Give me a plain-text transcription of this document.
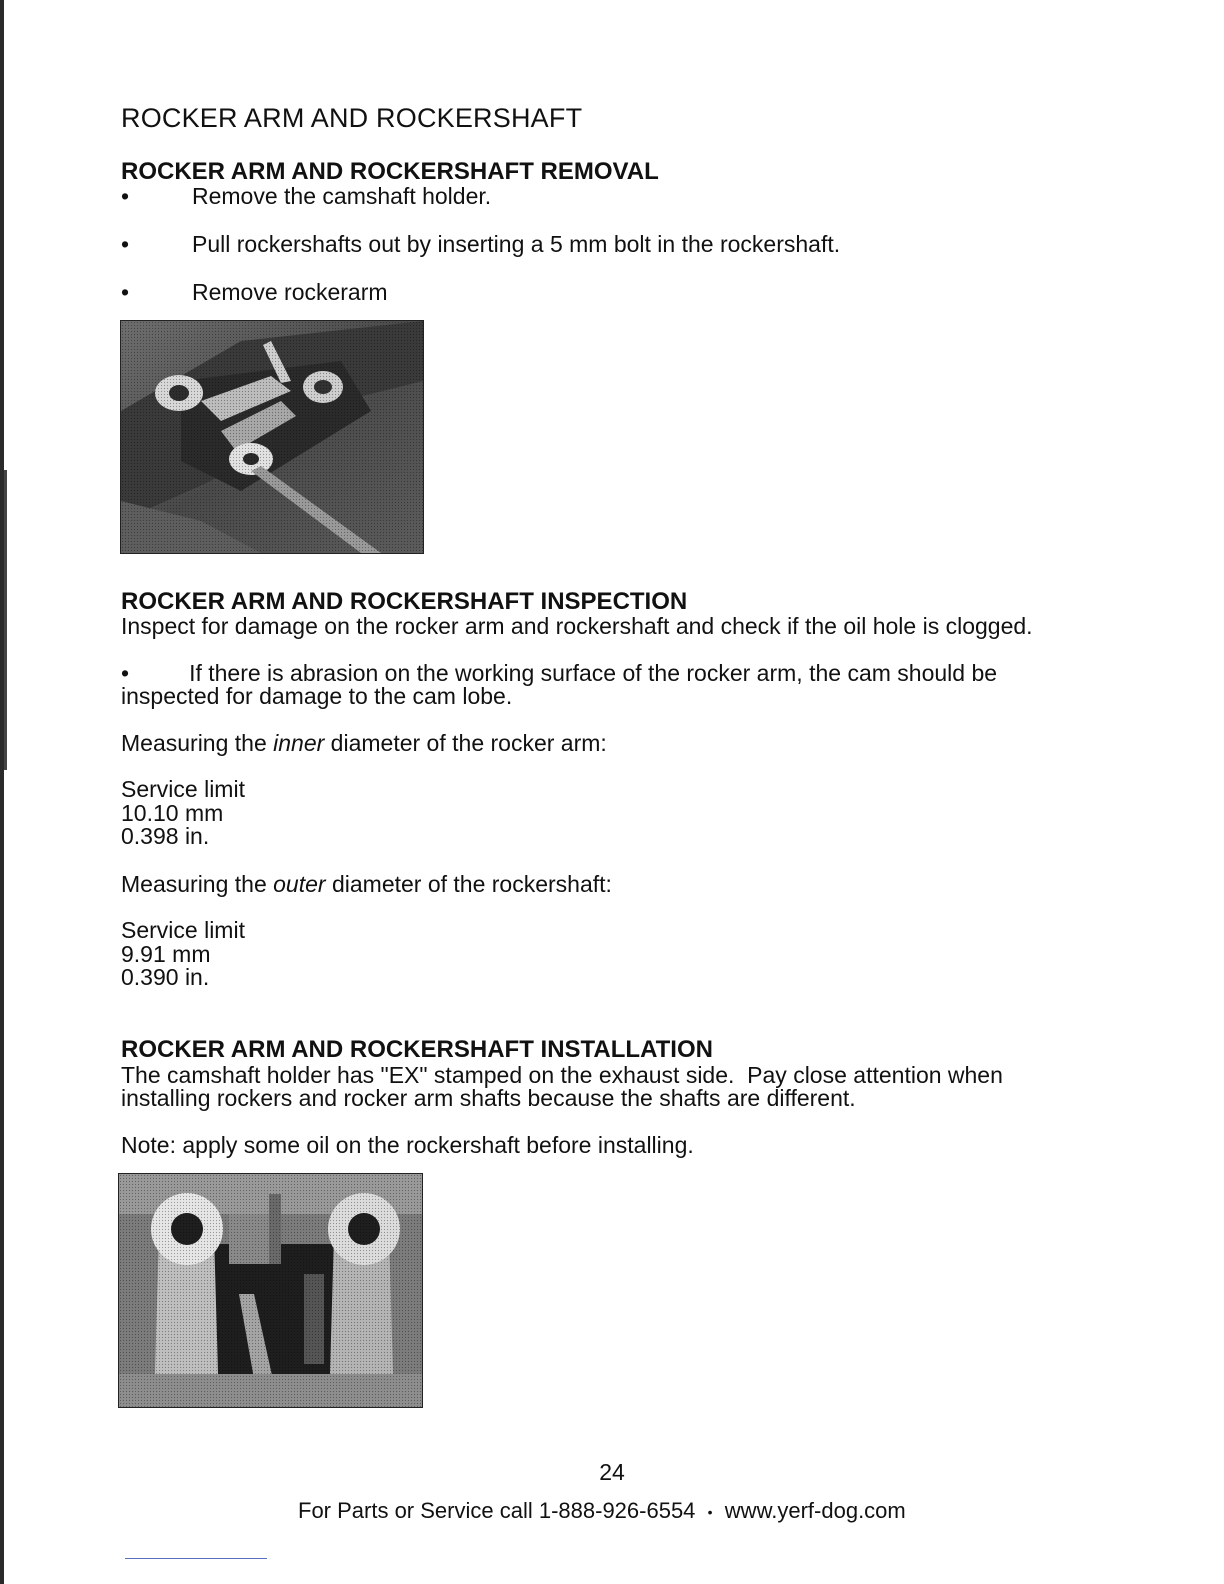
ROCKER ARM AND ROCKERSHAFT
ROCKER ARM AND ROCKERSHAFT REMOVAL
•	Remove the camshaft holder.
•	Pull rockershafts out by inserting a 5 mm bolt in the rockershaft.
•	Remove rockerarm
ROCKER ARM AND ROCKERSHAFT INSPECTION
Inspect for damage on the rocker arm and rockershaft and check if the oil hole is clogged.
•	If there is abrasion on the working surface of the rocker arm, the cam should be
inspected for damage to the cam lobe.
Measuring the inner diameter of the rocker arm:
Service limit
10.10 mm
0.398 in.
Measuring the outer diameter of the rockershaft:
Service limit
9.91 mm
0.390 in.
ROCKER ARM AND ROCKERSHAFT INSTALLATION
The camshaft holder has "EX" stamped on the exhaust side.  Pay close attention when
installing rockers and rocker arm shafts because the shafts are different.
Note: apply some oil on the rockershaft before installing.
24
For Parts or Service call 1-888-926-6554 • www.yerf-dog.com
